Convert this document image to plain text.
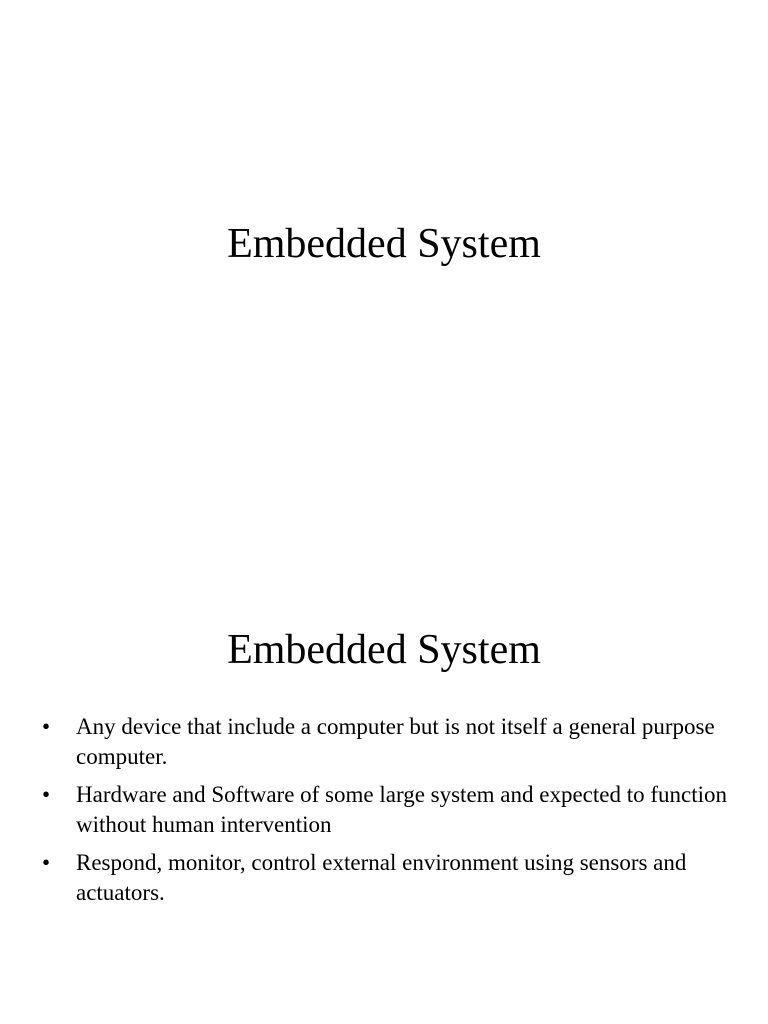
Embedded System
Embedded System
•	Any device that include a computer but is not itself a general purpose computer.
•	Hardware and Software of some large system and expected to function without human intervention
•	Respond, monitor, control external environment using sensors and actuators.
